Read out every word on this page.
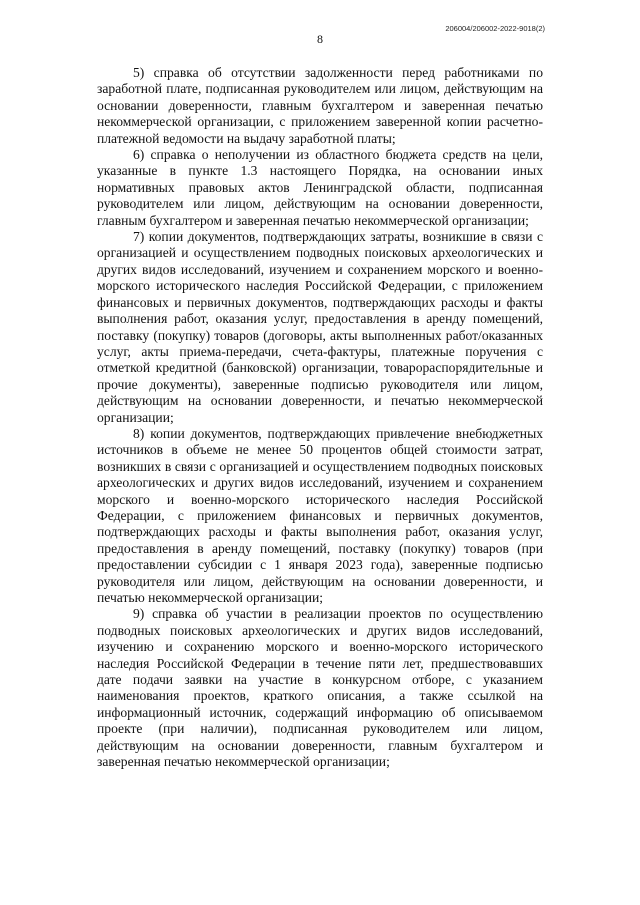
206004/206002-2022-9018(2)
8

5) справка об отсутствии задолженности перед работниками по заработной плате, подписанная руководителем или лицом, действующим на основании доверенности, главным бухгалтером и заверенная печатью некоммерческой организации, с приложением заверенной копии расчетно-платежной ведомости на выдачу заработной платы;

6) справка о неполучении из областного бюджета средств на цели, указанные в пункте 1.3 настоящего Порядка, на основании иных нормативных правовых актов Ленинградской области, подписанная руководителем или лицом, действующим на основании доверенности, главным бухгалтером и заверенная печатью некоммерческой организации;

7) копии документов, подтверждающих затраты, возникшие в связи с организацией и осуществлением подводных поисковых археологических и других видов исследований, изучением и сохранением морского и военно-морского исторического наследия Российской Федерации, с приложением финансовых и первичных документов, подтверждающих расходы и факты выполнения работ, оказания услуг, предоставления в аренду помещений, поставку (покупку) товаров (договоры, акты выполненных работ/оказанных услуг, акты приема-передачи, счета-фактуры, платежные поручения с отметкой кредитной (банковской) организации, товарораспорядительные и прочие документы), заверенные подписью руководителя или лицом, действующим на основании доверенности, и печатью некоммерческой организации;

8) копии документов, подтверждающих привлечение внебюджетных источников в объеме не менее 50 процентов общей стоимости затрат, возникших в связи с организацией и осуществлением подводных поисковых археологических и других видов исследований, изучением и сохранением морского и военно-морского исторического наследия Российской Федерации, с приложением финансовых и первичных документов, подтверждающих расходы и факты выполнения работ, оказания услуг, предоставления в аренду помещений, поставку (покупку) товаров (при предоставлении субсидии с 1 января 2023 года), заверенные подписью руководителя или лицом, действующим на основании доверенности, и печатью некоммерческой организации;

9) справка об участии в реализации проектов по осуществлению подводных поисковых археологических и других видов исследований, изучению и сохранению морского и военно-морского исторического наследия Российской Федерации в течение пяти лет, предшествовавших дате подачи заявки на участие в конкурсном отборе, с указанием наименования проектов, краткого описания, а также ссылкой на информационный источник, содержащий информацию об описываемом проекте (при наличии), подписанная руководителем или лицом, действующим на основании доверенности, главным бухгалтером и заверенная печатью некоммерческой организации;
